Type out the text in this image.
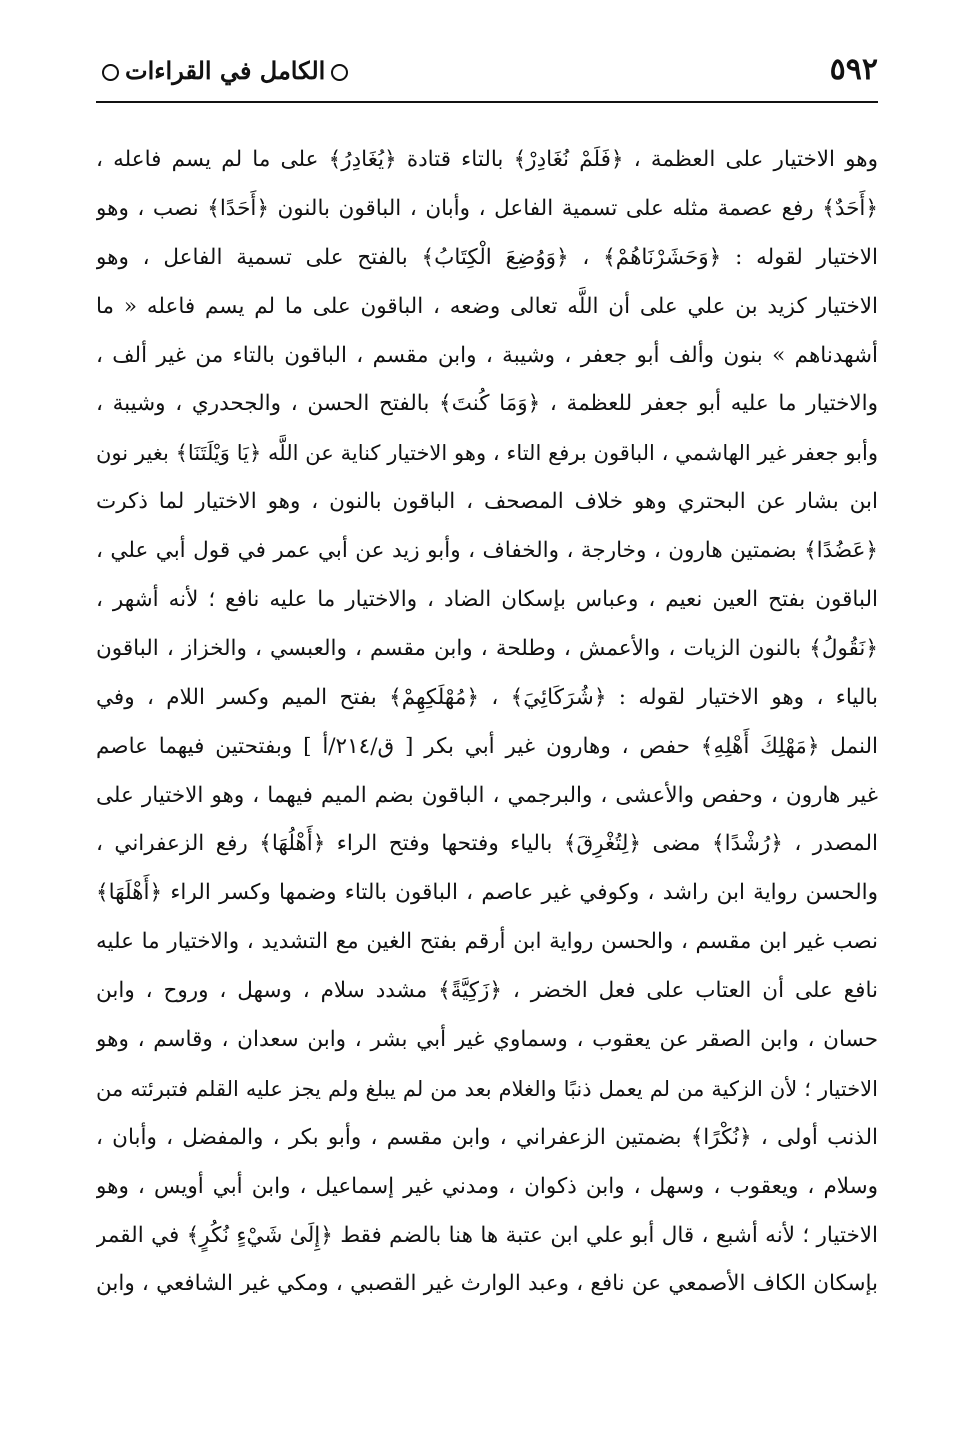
الكامل في القراءات	٥٩٢
وهو الاختيار على العظمة ، ﴿فَلَمْ نُغَادِرْ﴾ بالتاء قتادة ﴿يُغَادِرُ﴾ على ما لم يسم فاعله ،
﴿أَحَدٌ﴾ رفع عصمة مثله على تسمية الفاعل ، وأبان ، الباقون بالنون ﴿أَحَدًا﴾ نصب ، وهو
الاختيار لقوله : ﴿وَحَشَرْنَاهُمْ﴾ ، ﴿وَوُضِعَ الْكِتَابُ﴾ بالفتح على تسمية الفاعل ، وهو
الاختيار كزيد بن علي على أن اللَّه تعالى وضعه ، الباقون على ما لم يسم فاعله « ما
أشهدناهم » بنون وألف أبو جعفر ، وشيبة ، وابن مقسم ، الباقون بالتاء من غير ألف ،
والاختيار ما عليه أبو جعفر للعظمة ، ﴿وَمَا كُنتَ﴾ بالفتح الحسن ، والجحدري ، وشيبة ،
وأبو جعفر غير الهاشمي ، الباقون برفع التاء ، وهو الاختيار كناية عن اللَّه ﴿يَا وَيْلَتَنَا﴾ بغير نون
ابن بشار عن البحتري وهو خلاف المصحف ، الباقون بالنون ، وهو الاختيار لما ذكرت
﴿عَضُدًا﴾ بضمتين هارون ، وخارجة ، والخفاف ، وأبو زيد عن أبي عمر في قول أبي علي ،
الباقون بفتح العين نعيم ، وعباس بإسكان الضاد ، والاختيار ما عليه نافع ؛ لأنه أشهر ،
﴿نَقُولُ﴾ بالنون الزيات ، والأعمش ، وطلحة ، وابن مقسم ، والعبسي ، والخزاز ، الباقون
بالياء ، وهو الاختيار لقوله : ﴿شُرَكَائِيَ﴾ ، ﴿مُهْلَكِهِمْ﴾ بفتح الميم وكسر اللام ، وفي
النمل ﴿مَهْلِكَ أَهْلِهِ﴾ حفص ، وهارون غير أبي بكر [ ق/٢١٤/أ ] وبفتحتين فيهما عاصم
غير هارون ، وحفص والأعشى ، والبرجمي ، الباقون بضم الميم فيهما ، وهو الاختيار على
المصدر ، ﴿رُشْدًا﴾ مضى ﴿لِتُغْرِقَ﴾ بالياء وفتحها وفتح الراء ﴿أَهْلُهَا﴾ رفع الزعفراني ،
والحسن رواية ابن راشد ، وكوفي غير عاصم ، الباقون بالتاء وضمها وكسر الراء ﴿أَهْلَهَا﴾
نصب غير ابن مقسم ، والحسن رواية ابن أرقم بفتح الغين مع التشديد ، والاختيار ما عليه
نافع على أن العتاب على فعل الخضر ، ﴿زَكِيَّةً﴾ مشدد سلام ، وسهل ، وروح ، وابن
حسان ، وابن الصقر عن يعقوب ، وسماوي غير أبي بشر ، وابن سعدان ، وقاسم ، وهو
الاختيار ؛ لأن الزكية من لم يعمل ذنبًا والغلام بعد من لم يبلغ ولم يجز عليه القلم فتبرئته من
الذنب أولى ، ﴿نُكْرًا﴾ بضمتين الزعفراني ، وابن مقسم ، وأبو بكر ، والمفضل ، وأبان ،
وسلام ، ويعقوب ، وسهل ، وابن ذكوان ، ومدني غير إسماعيل ، وابن أبي أويس ، وهو
الاختيار ؛ لأنه أشبع ، قال أبو علي ابن عتبة ها هنا بالضم فقط ﴿إِلَىٰ شَيْءٍ نُكُرٍ﴾ في القمر
بإسكان الكاف الأصمعي عن نافع ، وعبد الوارث غير القصبي ، ومكي غير الشافعي ، وابن
